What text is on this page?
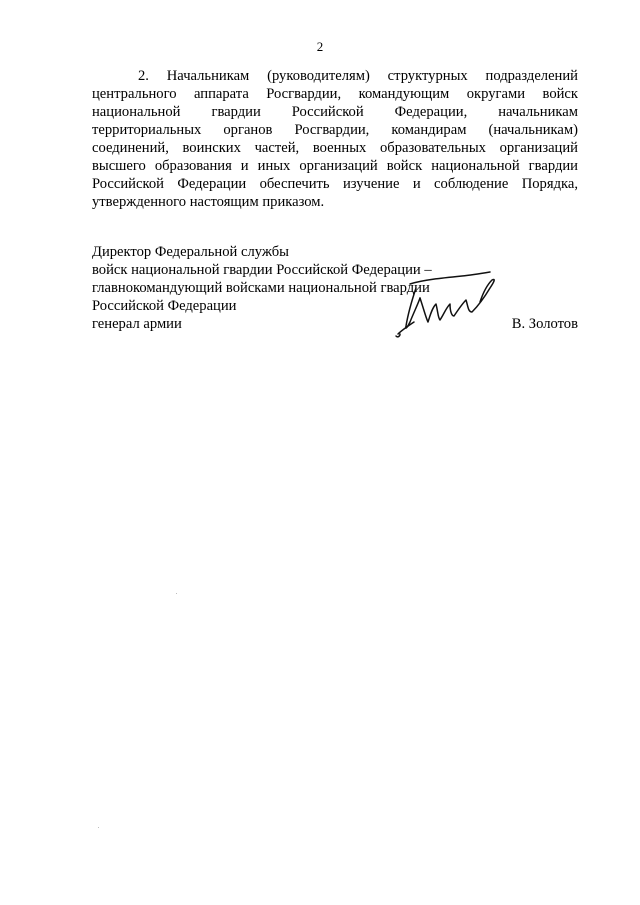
2

2. Начальникам (руководителям) структурных подразделений центрального аппарата Росгвардии, командующим округами войск национальной гвардии Российской Федерации, начальникам территориальных органов Росгвардии, командирам (начальникам) соединений, воинских частей, военных образовательных организаций высшего образования и иных организаций войск национальной гвардии Российской Федерации обеспечить изучение и соблюдение Порядка, утвержденного настоящим приказом.

Директор Федеральной службы
войск национальной гвардии Российской Федерации –
главнокомандующий войсками национальной гвардии
Российской Федерации
генерал армии	В. Золотов
